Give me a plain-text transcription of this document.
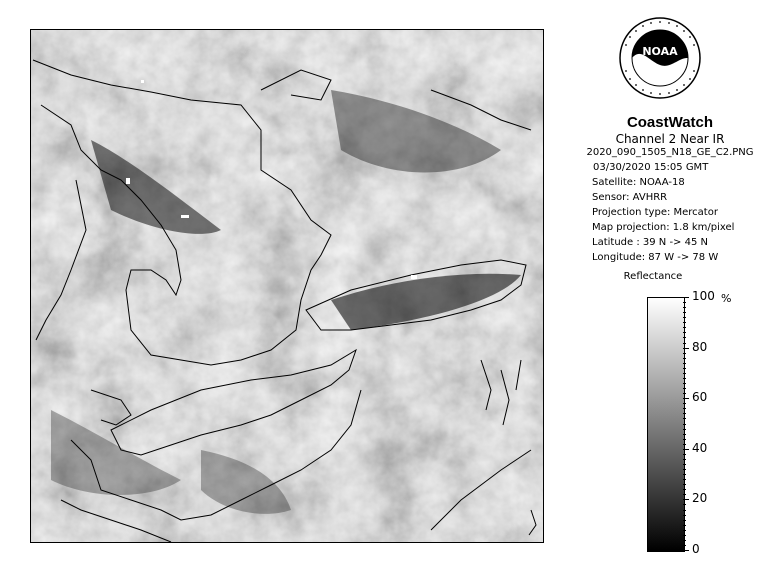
NOAA
CoastWatch
Channel 2 Near IR
2020_090_1505_N18_GE_C2.PNG
03/30/2020 15:05 GMT
Satellite: NOAA-18
Sensor: AVHRR
Projection type: Mercator
Map projection: 1.8 km/pixel
Latitude : 39 N -> 45 N
Longitude: 87 W -> 78 W
Reflectance
%
100
80
60
40
20
0
